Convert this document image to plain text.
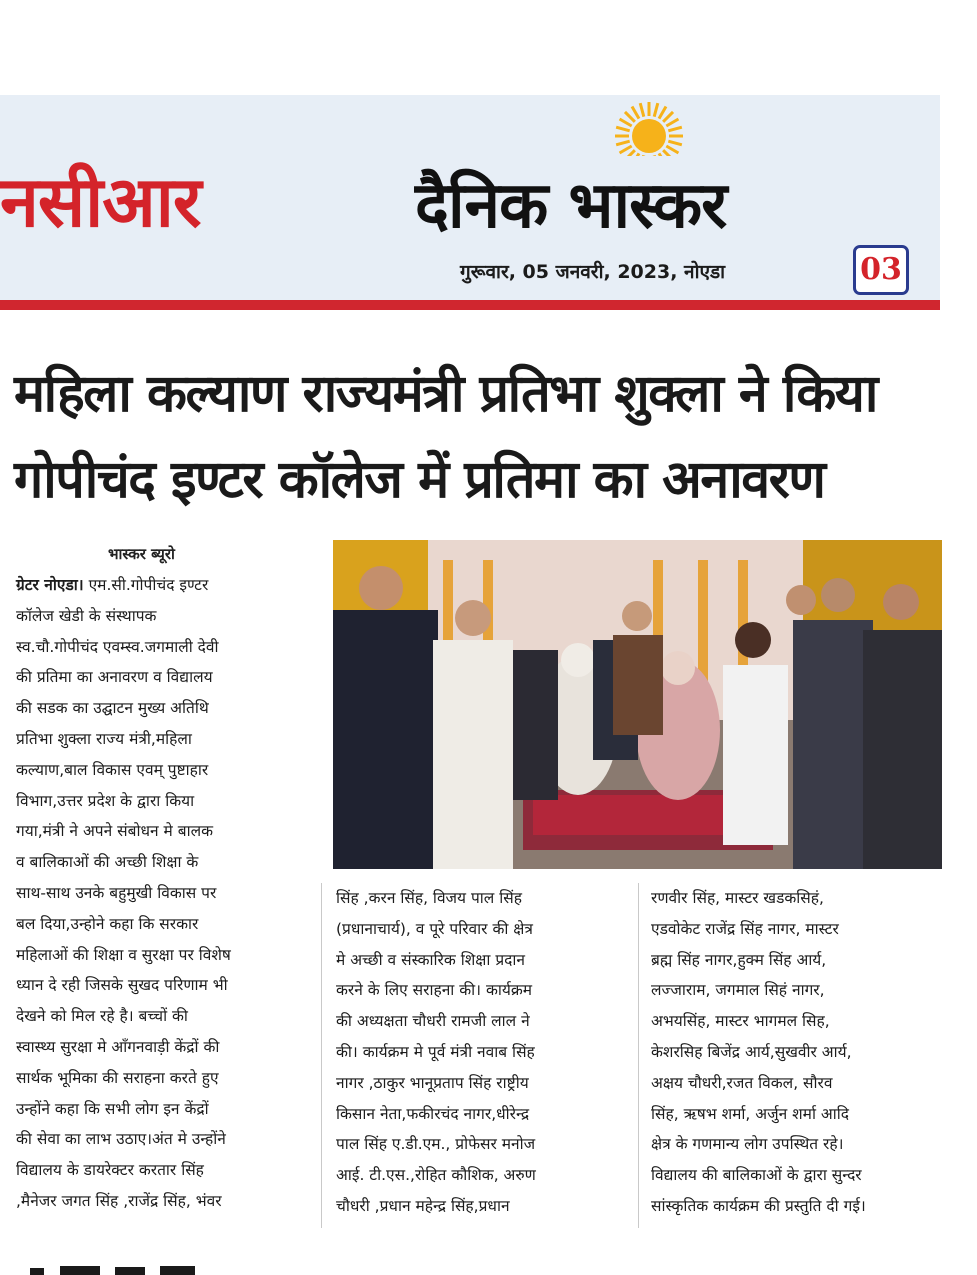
नसीआर	दैनिक भास्कर
गुरूवार, 05 जनवरी, 2023, नोएडा	03
महिला कल्याण राज्यमंत्री प्रतिभा शुक्ला ने किया
गोपीचंद इण्टर कॉलेज में प्रतिमा का अनावरण
भास्कर ब्यूरो
ग्रेटर नोएडा। एम.सी.गोपीचंद इण्टर
कॉलेज खेडी के संस्थापक
स्व.चौ.गोपीचंद एवम्स्व.जगमाली देवी
की प्रतिमा का अनावरण व विद्यालय
की सडक का उद्घाटन मुख्य अतिथि
प्रतिभा शुक्ला राज्य मंत्री,महिला
कल्याण,बाल विकास एवम् पुष्टाहार
विभाग,उत्तर प्रदेश के द्वारा किया
गया,मंत्री ने अपने संबोधन मे बालक
व बालिकाओं की अच्छी शिक्षा के
साथ-साथ उनके बहुमुखी विकास पर
बल दिया,उन्होने कहा कि सरकार
महिलाओं की शिक्षा व सुरक्षा पर विशेष
ध्यान दे रही जिसके सुखद परिणाम भी
देखने को मिल रहे है। बच्चों की
स्वास्थ्य सुरक्षा मे आँगनवाड़ी केंद्रों की
सार्थक भूमिका की सराहना करते हुए
उन्होंने कहा कि सभी लोग इन केंद्रों
की सेवा का लाभ उठाए।अंत मे उन्होंने
विद्यालय के डायरेक्टर करतार सिंह
,मैनेजर जगत सिंह ,राजेंद्र सिंह, भंवर
सिंह ,करन सिंह, विजय पाल सिंह
(प्रधानाचार्य), व पूरे परिवार की क्षेत्र
मे अच्छी व संस्कारिक शिक्षा प्रदान
करने के लिए सराहना की। कार्यक्रम
की अध्यक्षता चौधरी रामजी लाल ने
की। कार्यक्रम मे पूर्व मंत्री नवाब सिंह
नागर ,ठाकुर भानूप्रताप सिंह राष्ट्रीय
किसान नेता,फकीरचंद नागर,धीरेन्द्र
पाल सिंह ए.डी.एम., प्रोफेसर मनोज
आई. टी.एस.,रोहित कौशिक, अरुण
चौधरी ,प्रधान महेन्द्र सिंह,प्रधान
रणवीर सिंह, मास्टर खडकसिहं,
एडवोकेट राजेंद्र सिंह नागर, मास्टर
ब्रह्म सिंह नागर,हुक्म सिंह आर्य,
लज्जाराम, जगमाल सिहं नागर,
अभयसिंह, मास्टर भागमल सिह,
केशरसिह बिजेंद्र आर्य,सुखवीर आर्य,
अक्षय चौधरी,रजत विकल, सौरव
सिंह, ऋषभ शर्मा, अर्जुन शर्मा आदि
क्षेत्र के गणमान्य लोग उपस्थित रहे।
विद्यालय की बालिकाओं के द्वारा सुन्दर
सांस्कृतिक कार्यक्रम की प्रस्तुति दी गई।
